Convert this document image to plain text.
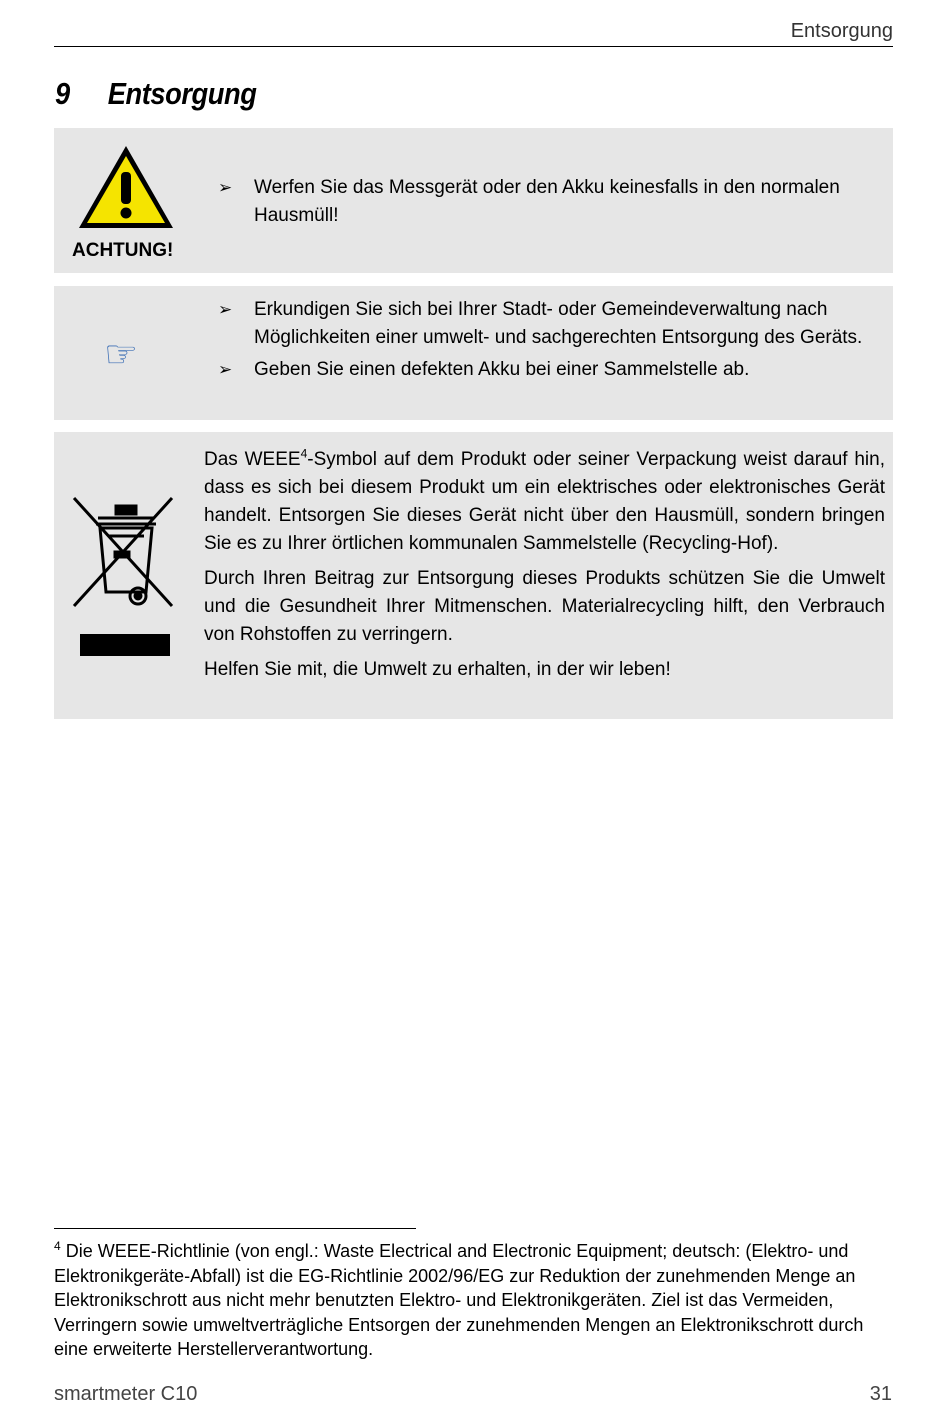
Entsorgung
9 Entsorgung
ACHTUNG!
➢ Werfen Sie das Messgerät oder den Akku keinesfalls in den normalen Hausmüll!
☞
➢ Erkundigen Sie sich bei Ihrer Stadt- oder Gemeindeverwaltung nach Möglichkeiten einer umwelt- und sachgerechten Entsorgung des Geräts.
➢ Geben Sie einen defekten Akku bei einer Sammelstelle ab.

Das WEEE$^4$-Symbol auf dem Produkt oder seiner Verpackung weist darauf hin, dass es sich bei diesem Produkt um ein elektrisches oder elektronisches Gerät handelt. Entsorgen Sie dieses Gerät nicht über den Hausmüll, sondern bringen Sie es zu Ihrer örtlichen kommunalen Sammelstelle (Recycling-Hof).

Durch Ihren Beitrag zur Entsorgung dieses Produkts schützen Sie die Umwelt und die Gesundheit Ihrer Mitmenschen. Materialrecycling hilft, den Verbrauch von Rohstoffen zu verringern.

Helfen Sie mit, die Umwelt zu erhalten, in der wir leben!

$^4$ Die WEEE-Richtlinie (von engl.: Waste Electrical and Electronic Equipment; deutsch: (Elektro- und Elektronikgeräte-Abfall) ist die EG-Richtlinie 2002/96/EG zur Reduktion der zunehmenden Menge an Elektronikschrott aus nicht mehr benutzten Elektro- und Elektronikgeräten. Ziel ist das Vermeiden, Verringern sowie umweltverträgliche Entsorgen der zunehmenden Mengen an Elektronikschrott durch eine erweiterte Herstellerverantwortung.
smartmeter C10	31
